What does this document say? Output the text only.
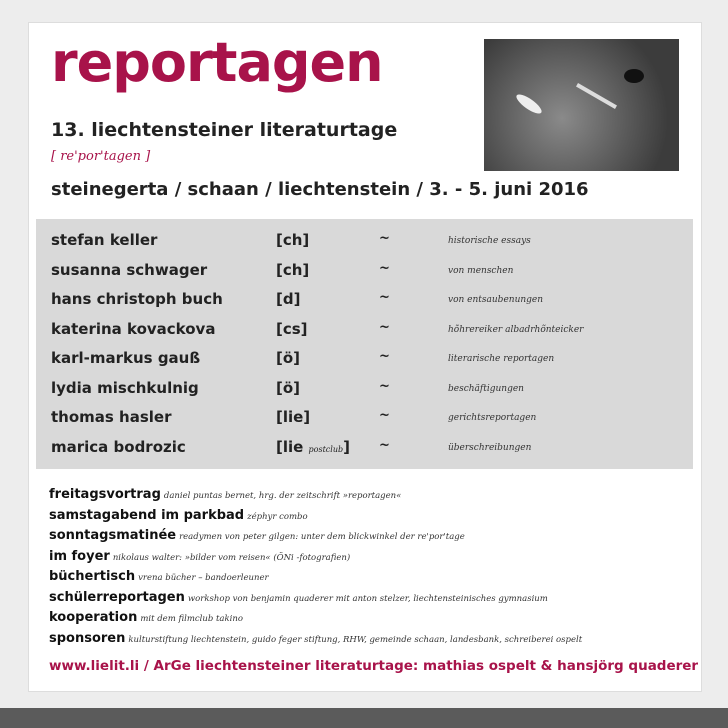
reportagen
13. liechtensteiner literaturtage
[ re'por'tagen ]
steinegerta / schaan / liechtenstein / 3. - 5. juni 2016
stefan keller	[ch]	~	historische essays
susanna schwager	[ch]	~	von menschen
hans christoph buch	[d]	~	von entsaubenungen
katerina kovackova	[cs]	~	hõhrereiker albadrhõnteicker
karl-markus gauß	[ö]	~	literarische reportagen
lydia mischkulnig	[ö]	~	beschäftigungen
thomas hasler	[lie]	~	gerichtsreportagen
marica bodrozic	[lie postclub] ~	überschreibungen
freitagsvortrag daniel puntas bernet, hrg. der zeitschrift »reportagen«
samstagabend im parkbad zéphyr combo
sonntagsmatinée readymen von peter gilgen: unter dem blickwinkel der re'por'tage
im foyer nikolaus walter: »bilder vom reisen« (ÖNi -fotografien)
büchertisch vrena bücher – bandoerleuner
schülerreportagen workshop von benjamin quaderer mit anton stelzer, liechtensteinisches gymnasium
kooperation mit dem filmclub takino
sponsoren kulturstiftung liechtenstein, guido feger stiftung, RHW, gemeinde schaan, landesbank, schreiberei ospelt
www.lielit.li / ArGe liechtensteiner literaturtage: mathias ospelt & hansjörg quaderer
